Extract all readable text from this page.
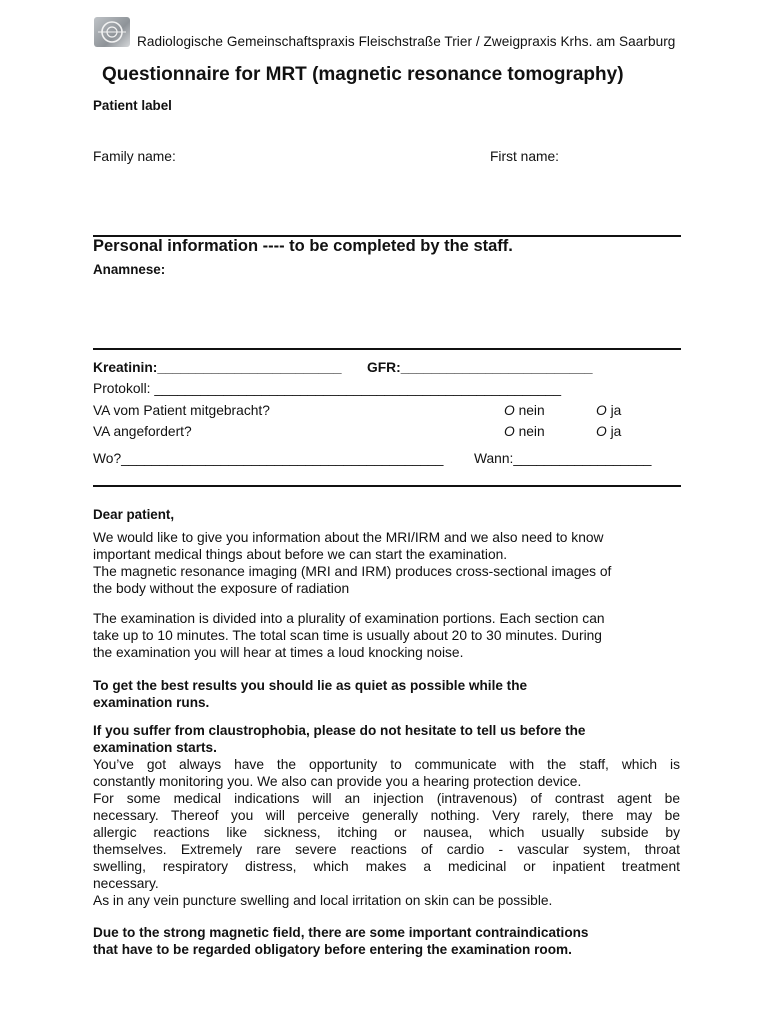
Radiologische Gemeinschaftspraxis Fleischstraße Trier / Zweigpraxis Krhs. am Saarburg
Questionnaire for MRT (magnetic resonance tomography)
Patient label
Family name:	First name:
Personal information ---- to be completed by the staff.
Anamnese:
Kreatinin:________________________ GFR:_________________________
Protokoll: _____________________________________________________
VA vom Patient mitgebracht?	O nein	O ja
VA angefordert?	O nein	O ja
Wo?__________________________________________ Wann:__________________
Dear patient,
We would like to give you information about the MRI/IRM and we also need to know
important medical things about before we can start the examination.
The magnetic resonance imaging (MRI and IRM) produces cross-sectional images of
the body without the exposure of radiation
The examination is divided into a plurality of examination portions. Each section can
take up to 10 minutes. The total scan time is usually about 20 to 30 minutes. During
the examination you will hear at times a loud knocking noise.
To get the best results you should lie as quiet as possible while the
examination runs.
If you suffer from claustrophobia, please do not hesitate to tell us before the
examination starts.
You’ve got always have the opportunity to communicate with the staff, which is
constantly monitoring you. We also can provide you a hearing protection device.
For some medical indications will an injection (intravenous) of contrast agent be
necessary. Thereof you will perceive generally nothing. Very rarely, there may be
allergic reactions like sickness, itching or nausea, which usually subside by
themselves. Extremely rare severe reactions of cardio - vascular system, throat
swelling, respiratory distress, which makes a medicinal or inpatient treatment
necessary.
As in any vein puncture swelling and local irritation on skin can be possible.
Due to the strong magnetic field, there are some important contraindications
that have to be regarded obligatory before entering the examination room.
